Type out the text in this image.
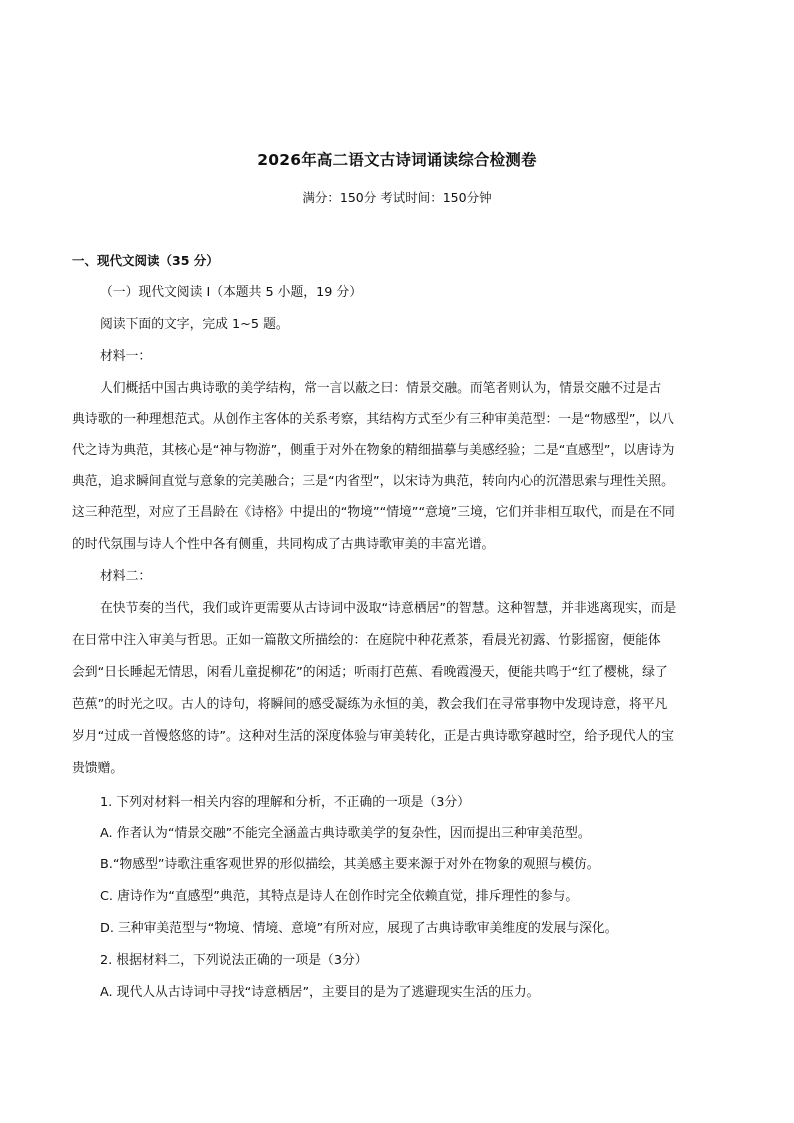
2026年高二语文古诗词诵读综合检测卷
满分：150分 考试时间：150分钟
一、现代文阅读（35 分）
（一）现代文阅读 I（本题共 5 小题，19 分）
阅读下面的文字，完成 1~5 题。
材料一：
人们概括中国古典诗歌的美学结构，常一言以蔽之曰：情景交融。而笔者则认为，情景交融不过是古
典诗歌的一种理想范式。从创作主客体的关系考察，其结构方式至少有三种审美范型：一是“物感型”，以八
代之诗为典范，其核心是“神与物游”，侧重于对外在物象的精细描摹与美感经验；二是“直感型”，以唐诗为
典范，追求瞬间直觉与意象的完美融合；三是“内省型”，以宋诗为典范，转向内心的沉潜思索与理性关照。
这三种范型，对应了王昌龄在《诗格》中提出的“物境”“情境”“意境”三境，它们并非相互取代，而是在不同
的时代氛围与诗人个性中各有侧重，共同构成了古典诗歌审美的丰富光谱。
材料二：
在快节奏的当代，我们或许更需要从古诗词中汲取“诗意栖居”的智慧。这种智慧，并非逃离现实，而是
在日常中注入审美与哲思。正如一篇散文所描绘的：在庭院中种花煮茶，看晨光初露、竹影摇窗，便能体
会到“日长睡起无情思，闲看儿童捉柳花”的闲适；听雨打芭蕉、看晚霞漫天，便能共鸣于“红了樱桃，绿了
芭蕉”的时光之叹。古人的诗句，将瞬间的感受凝练为永恒的美，教会我们在寻常事物中发现诗意，将平凡
岁月“过成一首慢悠悠的诗”。这种对生活的深度体验与审美转化，正是古典诗歌穿越时空，给予现代人的宝
贵馈赠。
1. 下列对材料一相关内容的理解和分析，不正确的一项是（3分）
A. 作者认为“情景交融”不能完全涵盖古典诗歌美学的复杂性，因而提出三种审美范型。
B.“物感型”诗歌注重客观世界的形似描绘，其美感主要来源于对外在物象的观照与模仿。
C. 唐诗作为“直感型”典范，其特点是诗人在创作时完全依赖直觉，排斥理性的参与。
D. 三种审美范型与“物境、情境、意境”有所对应，展现了古典诗歌审美维度的发展与深化。
2. 根据材料二，下列说法正确的一项是（3分）
A. 现代人从古诗词中寻找“诗意栖居”，主要目的是为了逃避现实生活的压力。
